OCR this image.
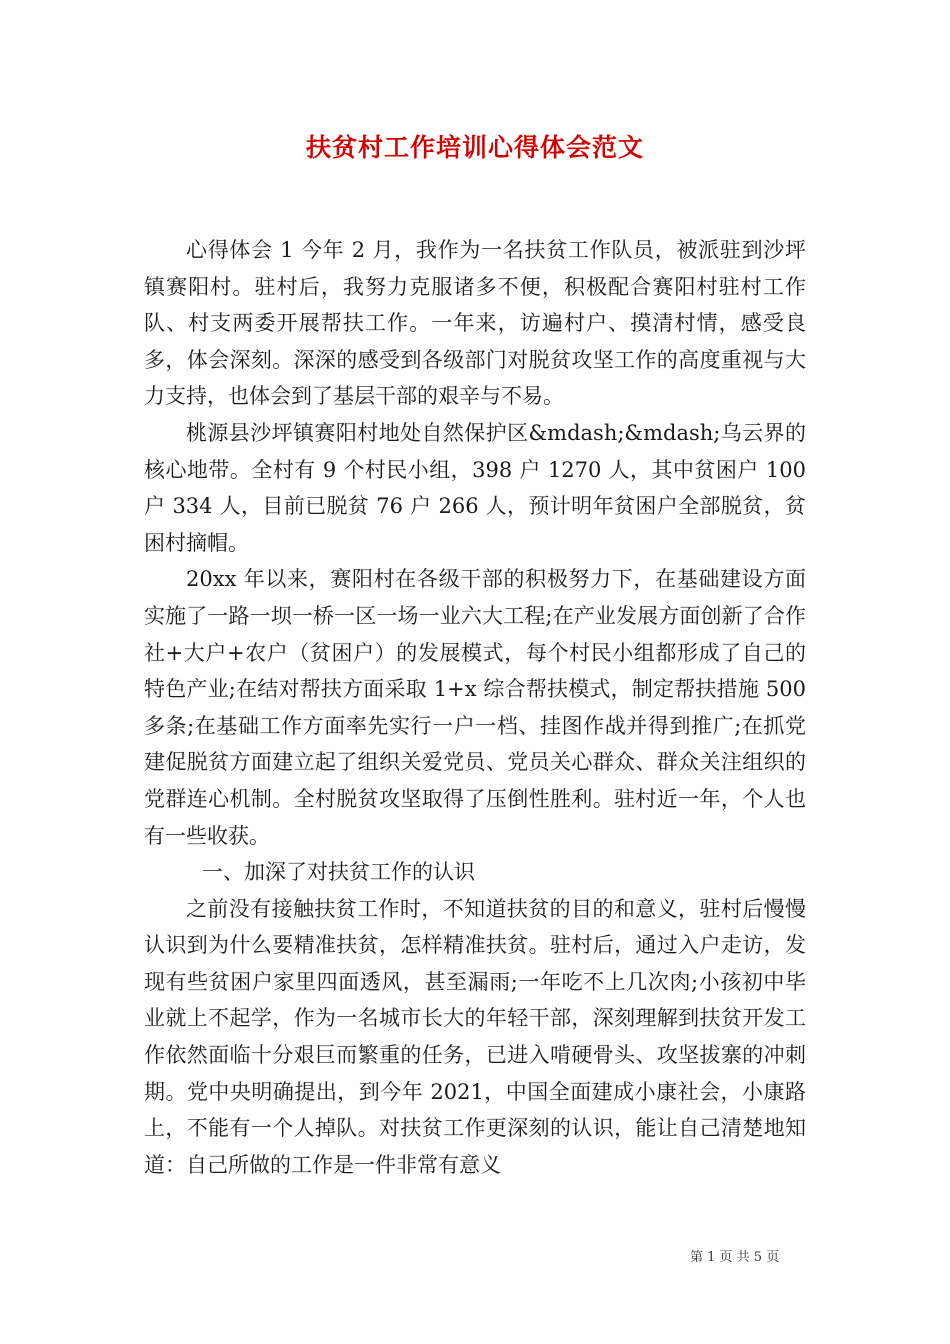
扶贫村工作培训心得体会范文

心得体会 1 今年 2 月，我作为一名扶贫工作队员，被派驻到沙坪镇赛阳村。驻村后，我努力克服诸多不便，积极配合赛阳村驻村工作队、村支两委开展帮扶工作。一年来，访遍村户、摸清村情，感受良多，体会深刻。深深的感受到各级部门对脱贫攻坚工作的高度重视与大力支持，也体会到了基层干部的艰辛与不易。

桃源县沙坪镇赛阳村地处自然保护区&mdash;&mdash;乌云界的核心地带。全村有 9 个村民小组，398 户 1270 人，其中贫困户 100 户 334 人，目前已脱贫 76 户 266 人，预计明年贫困户全部脱贫，贫困村摘帽。

20xx 年以来，赛阳村在各级干部的积极努力下，在基础建设方面实施了一路一坝一桥一区一场一业六大工程;在产业发展方面创新了合作社+大户+农户（贫困户）的发展模式，每个村民小组都形成了自己的特色产业;在结对帮扶方面采取 1+x 综合帮扶模式，制定帮扶措施 500 多条;在基础工作方面率先实行一户一档、挂图作战并得到推广;在抓党建促脱贫方面建立起了组织关爱党员、党员关心群众、群众关注组织的党群连心机制。全村脱贫攻坚取得了压倒性胜利。驻村近一年，个人也有一些收获。

一、加深了对扶贫工作的认识

之前没有接触扶贫工作时，不知道扶贫的目的和意义，驻村后慢慢认识到为什么要精准扶贫，怎样精准扶贫。驻村后，通过入户走访，发现有些贫困户家里四面透风，甚至漏雨;一年吃不上几次肉;小孩初中毕业就上不起学，作为一名城市长大的年轻干部，深刻理解到扶贫开发工作依然面临十分艰巨而繁重的任务，已进入啃硬骨头、攻坚拔寨的冲刺期。党中央明确提出，到今年 2021，中国全面建成小康社会，小康路上，不能有一个人掉队。对扶贫工作更深刻的认识，能让自己清楚地知道：自己所做的工作是一件非常有意义

第 1 页 共 5 页
